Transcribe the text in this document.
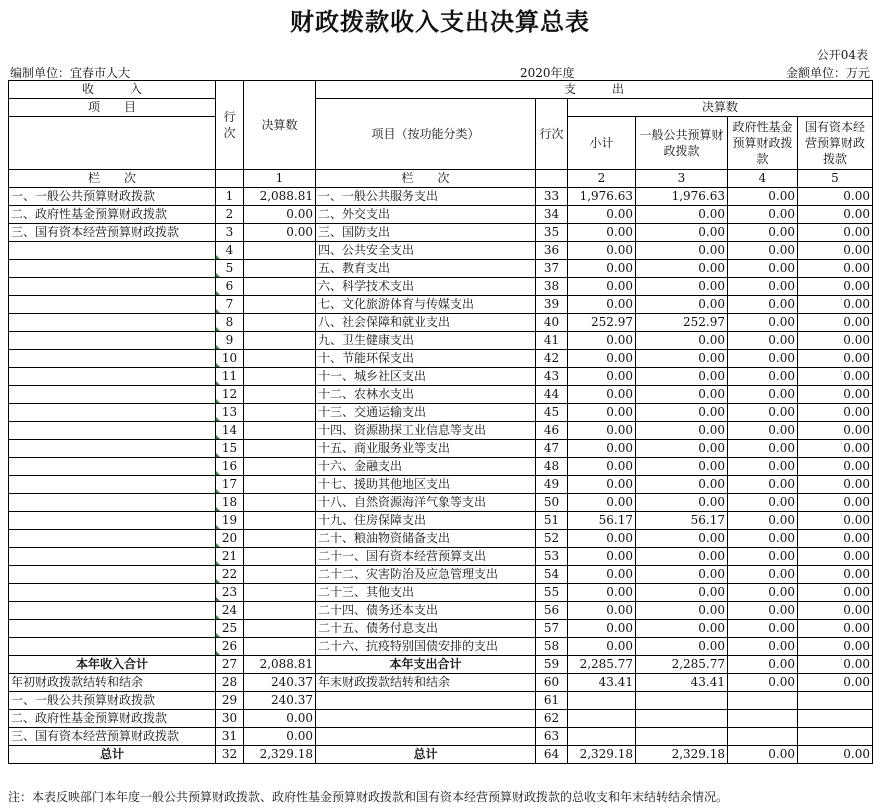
财政拨款收入支出决算总表
公开04表
编制单位：宜春市人大	2020年度	金额单位：万元
收　　　入	行次	决算数	支　　　出					
项　　目			项目（按功能分类）	行次	决算数			
					小计	一般公共预算财政拨款	政府性基金预算财政拨款	国有资本经营预算财政拨款

栏　　次		1	栏　　次		2	3	4	5
一、一般公共预算财政拨款	1	2,088.81	一、一般公共服务支出	33	1,976.63	1,976.63	0.00	0.00
二、政府性基金预算财政拨款	2	0.00	二、外交支出	34	0.00	0.00	0.00	0.00
三、国有资本经营预算财政拨款	3	0.00	三、国防支出	35	0.00	0.00	0.00	0.00
	4		四、公共安全支出	36	0.00	0.00	0.00	0.00
	5		五、教育支出	37	0.00	0.00	0.00	0.00
	6		六、科学技术支出	38	0.00	0.00	0.00	0.00
	7		七、文化旅游体育与传媒支出	39	0.00	0.00	0.00	0.00
	8		八、社会保障和就业支出	40	252.97	252.97	0.00	0.00
	9		九、卫生健康支出	41	0.00	0.00	0.00	0.00
	10		十、节能环保支出	42	0.00	0.00	0.00	0.00
	11		十一、城乡社区支出	43	0.00	0.00	0.00	0.00
	12		十二、农林水支出	44	0.00	0.00	0.00	0.00
	13		十三、交通运输支出	45	0.00	0.00	0.00	0.00
	14		十四、资源勘探工业信息等支出	46	0.00	0.00	0.00	0.00
	15		十五、商业服务业等支出	47	0.00	0.00	0.00	0.00
	16		十六、金融支出	48	0.00	0.00	0.00	0.00
	17		十七、援助其他地区支出	49	0.00	0.00	0.00	0.00
	18		十八、自然资源海洋气象等支出	50	0.00	0.00	0.00	0.00
	19		十九、住房保障支出	51	56.17	56.17	0.00	0.00
	20		二十、粮油物资储备支出	52	0.00	0.00	0.00	0.00
	21		二十一、国有资本经营预算支出	53	0.00	0.00	0.00	0.00
	22		二十二、灾害防治及应急管理支出	54	0.00	0.00	0.00	0.00
	23		二十三、其他支出	55	0.00	0.00	0.00	0.00
	24		二十四、债务还本支出	56	0.00	0.00	0.00	0.00
	25		二十五、债务付息支出	57	0.00	0.00	0.00	0.00
	26		二十六、抗疫特别国债安排的支出	58	0.00	0.00	0.00	0.00
本年收入合计	27	2,088.81	本年支出合计	59	2,285.77	2,285.77	0.00	0.00
年初财政拨款结转和结余	28	240.37	年末财政拨款结转和结余	60	43.41	43.41	0.00	0.00
一、一般公共预算财政拨款	29	240.37		61				
二、政府性基金预算财政拨款	30	0.00		62				
三、国有资本经营预算财政拨款	31	0.00		63				
总计	32	2,329.18	总计	64	2,329.18	2,329.18	0.00	0.00
注：本表反映部门本年度一般公共预算财政拨款、政府性基金预算财政拨款和国有资本经营预算财政拨款的总收支和年末结转结余情况。
